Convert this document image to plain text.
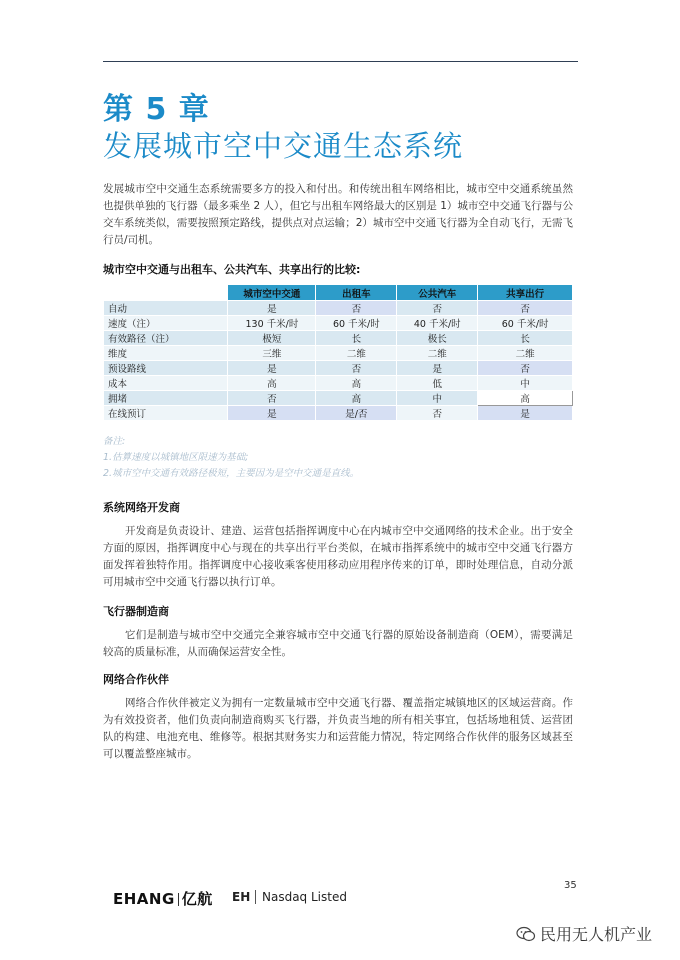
第 5 章
发展城市空中交通生态系统

发展城市空中交通生态系统需要多方的投入和付出。和传统出租车网络相比，城市空中交通系统虽然也提供单独的飞行器（最多乘坐 2 人），但它与出租车网络最大的区别是 1）城市空中交通飞行器与公交车系统类似，需要按照预定路线，提供点对点运输；2）城市空中交通飞行器为全自动飞行，无需飞行员/司机。

城市空中交通与出租车、公共汽车、共享出行的比较:
	城市空中交通	出租车	公共汽车	共享出行
自动	是	否	否	否
速度（注）	130 千米/时	60 千米/时	40 千米/时	60 千米/时
有效路径（注）	极短	长	极长	长
维度	三维	二维	二维	二维
预设路线	是	否	是	否
成本	高	高	低	中
拥堵	否	高	中	高
在线预订	是	是/否	否	是
备注:
1.估算速度以城镇地区限速为基础;
2.城市空中交通有效路径极短，主要因为是空中交通是直线。
系统网络开发商

开发商是负责设计、建造、运营包括指挥调度中心在内城市空中交通网络的技术企业。出于安全方面的原因，指挥调度中心与现在的共享出行平台类似，在城市指挥系统中的城市空中交通飞行器方面发挥着独特作用。指挥调度中心接收乘客使用移动应用程序传来的订单，即时处理信息，自动分派可用城市空中交通飞行器以执行订单。

飞行器制造商

它们是制造与城市空中交通完全兼容城市空中交通飞行器的原始设备制造商（OEM），需要满足较高的质量标准，从而确保运营安全性。

网络合作伙伴

网络合作伙伴被定义为拥有一定数量城市空中交通飞行器、覆盖指定城镇地区的区域运营商。作为有效投资者，他们负责向制造商购买飞行器，并负责当地的所有相关事宜，包括场地租赁、运营团队的构建、电池充电、维修等。根据其财务实力和运营能力情况，特定网络合作伙伴的服务区域甚至可以覆盖整座城市。

EHANG 亿航 EH Nasdaq Listed
35
民用无人机产业
